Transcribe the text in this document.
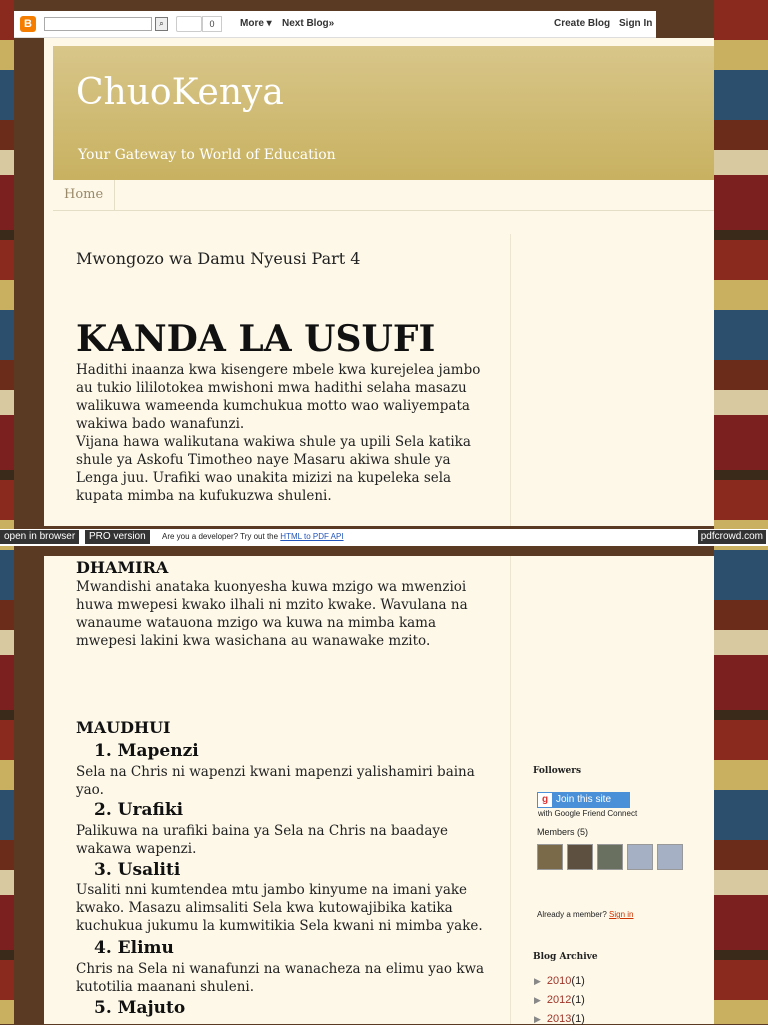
B	⌕	0	More ▾ Next Blog»	Create Blog Sign In
ChuoKenya
Your Gateway to World of Education
Home
Mwongozo wa Damu Nyeusi Part 4
KANDA LA USUFI

Hadithi inaanza kwa kisengere mbele kwa kurejelea jambo au tukio lililotokea mwishoni mwa hadithi selaha masazu walikuwa wameenda kumchukua motto wao waliyempata wakiwa bado wanafunzi.

Vijana hawa walikutana wakiwa shule ya upili Sela katika shule ya Askofu Timotheo naye Masaru akiwa shule ya Lenga juu. Urafiki wao unakita mizizi na kupeleka sela kupata mimba na kufukuzwa shuleni.

open in browser	PRO version	Are you a developer? Try out the HTML to PDF API	pdfcrowd.com
DHAMIRA

Mwandishi anataka kuonyesha kuwa mzigo wa mwenzioi huwa mwepesi kwako ilhali ni mzito kwake. Wavulana na wanaume watauona mzigo wa kuwa na mimba kama mwepesi lakini kwa wasichana au wanawake mzito.

MAUDHUI
1. Mapenzi

Sela na Chris ni wapenzi kwani mapenzi yalishamiri baina yao.

2. Urafiki

Palikuwa na urafiki baina ya Sela na Chris na baadaye wakawa wapenzi.

3. Usaliti

Usaliti nni kumtendea mtu jambo kinyume na imani yake kwako. Masazu alimsaliti Sela kwa kutowajibika katika kuchukua jukumu la kumwitikia Sela kwani ni mimba yake.

4. Elimu

Chris na Sela ni wanafunzi na wanacheza na elimu yao kwa kutotilia maanani shuleni.

5. Majuto
Followers
g Join this site
with Google Friend Connect
Members (5)
Already a member? Sign in
Blog Archive
▶ 2010(1)
▶ 2012(1)
▶ 2013(1)
